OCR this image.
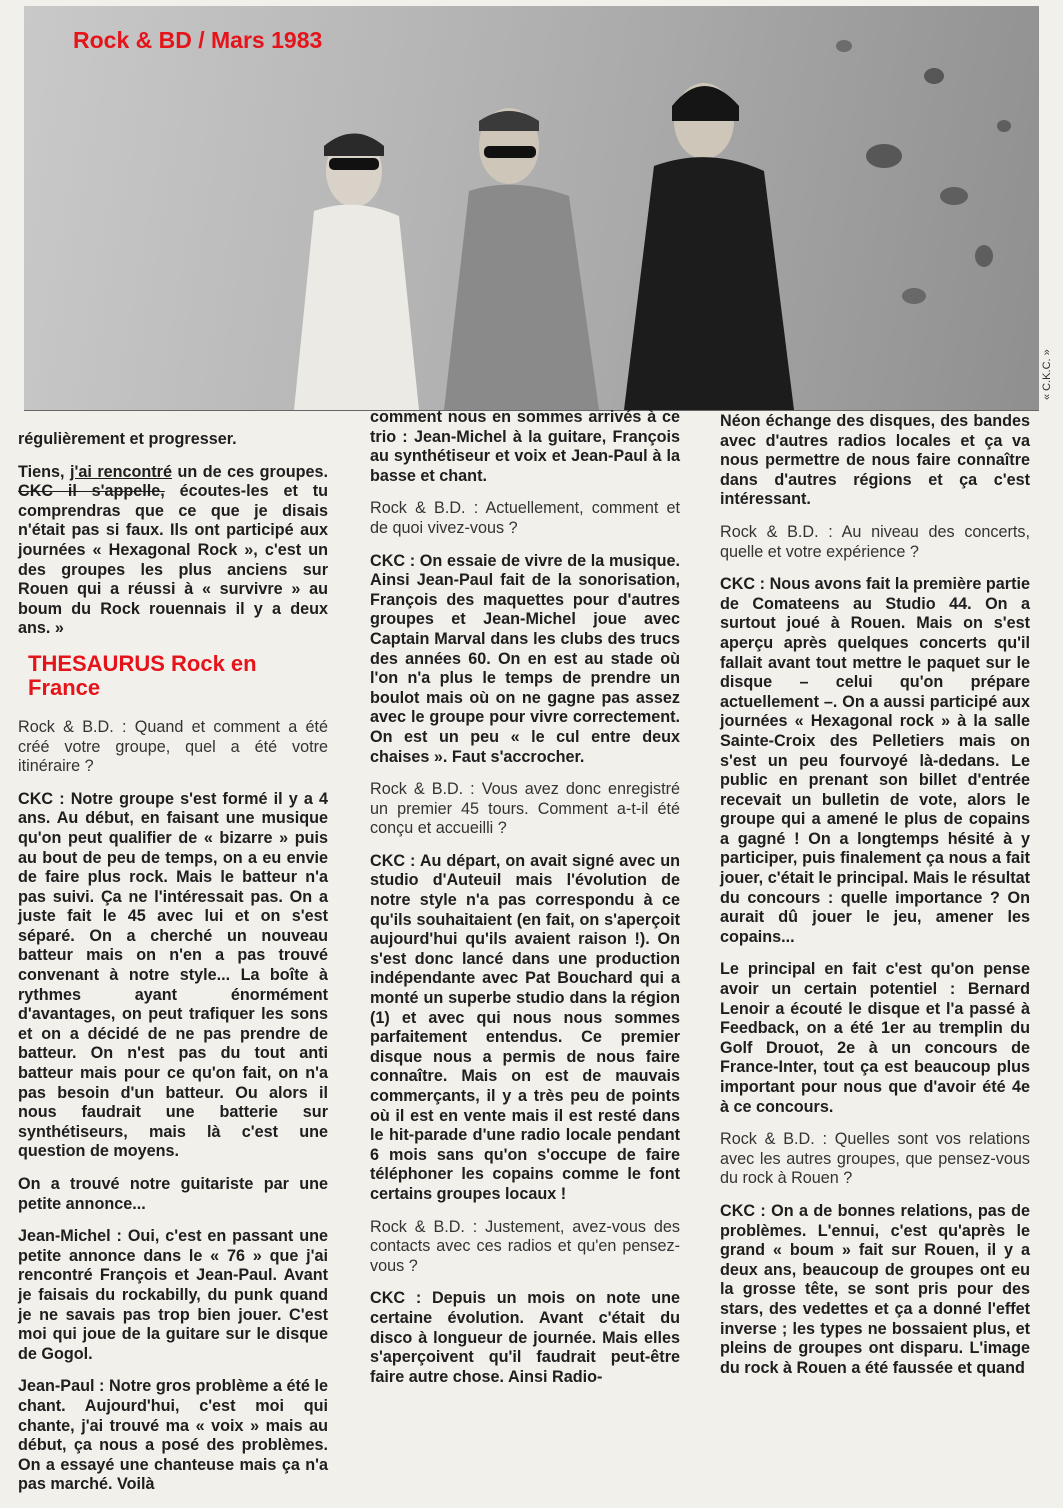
Rock & BD / Mars 1983
« C.K.C. »

régulièrement et progresser.

Tiens, j'ai rencontré un de ces groupes. CKC il s'appelle, écoutes-les et tu comprendras que ce que je disais n'était pas si faux. Ils ont participé aux journées « Hexagonal Rock », c'est un des groupes les plus anciens sur Rouen qui a réussi à « survivre » au boum du Rock rouennais il y a deux ans. »

THESAURUS Rock en France

Rock & B.D. : Quand et comment a été créé votre groupe, quel a été votre itinéraire ?

CKC : Notre groupe s'est formé il y a 4 ans. Au début, en faisant une musique qu'on peut qualifier de « bizarre » puis au bout de peu de temps, on a eu envie de faire plus rock. Mais le batteur n'a pas suivi. Ça ne l'intéressait pas. On a juste fait le 45 avec lui et on s'est séparé. On a cherché un nouveau batteur mais on n'en a pas trouvé convenant à notre style... La boîte à rythmes ayant énormément d'avantages, on peut trafiquer les sons et on a décidé de ne pas prendre de batteur. On n'est pas du tout anti batteur mais pour ce qu'on fait, on n'a pas besoin d'un batteur. Ou alors il nous faudrait une batterie sur synthétiseurs, mais là c'est une question de moyens.

On a trouvé notre guitariste par une petite annonce...

Jean-Michel : Oui, c'est en passant une petite annonce dans le « 76 » que j'ai rencontré François et Jean-Paul. Avant je faisais du rockabilly, du punk quand je ne savais pas trop bien jouer. C'est moi qui joue de la guitare sur le disque de Gogol.

Jean-Paul : Notre gros problème a été le chant. Aujourd'hui, c'est moi qui chante, j'ai trouvé ma « voix » mais au début, ça nous a posé des problèmes. On a essayé une chanteuse mais ça n'a pas marché. Voilà

comment nous en sommes arrivés à ce trio : Jean-Michel à la guitare, François au synthétiseur et voix et Jean-Paul à la basse et chant.

Rock & B.D. : Actuellement, comment et de quoi vivez-vous ?

CKC : On essaie de vivre de la musique. Ainsi Jean-Paul fait de la sonorisation, François des maquettes pour d'autres groupes et Jean-Michel joue avec Captain Marval dans les clubs des trucs des années 60. On en est au stade où l'on n'a plus le temps de prendre un boulot mais où on ne gagne pas assez avec le groupe pour vivre correctement. On est un peu « le cul entre deux chaises ». Faut s'accrocher.

Rock & B.D. : Vous avez donc enregistré un premier 45 tours. Comment a-t-il été conçu et accueilli ?

CKC : Au départ, on avait signé avec un studio d'Auteuil mais l'évolution de notre style n'a pas correspondu à ce qu'ils souhaitaient (en fait, on s'aperçoit aujourd'hui qu'ils avaient raison !). On s'est donc lancé dans une production indépendante avec Pat Bouchard qui a monté un superbe studio dans la région (1) et avec qui nous nous sommes parfaitement entendus. Ce premier disque nous a permis de nous faire connaître. Mais on est de mauvais commerçants, il y a très peu de points où il est en vente mais il est resté dans le hit-parade d'une radio locale pendant 6 mois sans qu'on s'occupe de faire téléphoner les copains comme le font certains groupes locaux !

Rock & B.D. : Justement, avez-vous des contacts avec ces radios et qu'en pensez-vous ?

CKC : Depuis un mois on note une certaine évolution. Avant c'était du disco à longueur de journée. Mais elles s'aperçoivent qu'il faudrait peut-être faire autre chose. Ainsi Radio-

Néon échange des disques, des bandes avec d'autres radios locales et ça va nous permettre de nous faire connaître dans d'autres régions et ça c'est intéressant.

Rock & B.D. : Au niveau des concerts, quelle et votre expérience ?

CKC : Nous avons fait la première partie de Comateens au Studio 44. On a surtout joué à Rouen. Mais on s'est aperçu après quelques concerts qu'il fallait avant tout mettre le paquet sur le disque – celui qu'on prépare actuellement –. On a aussi participé aux journées « Hexagonal rock » à la salle Sainte-Croix des Pelletiers mais on s'est un peu fourvoyé là-dedans. Le public en prenant son billet d'entrée recevait un bulletin de vote, alors le groupe qui a amené le plus de copains a gagné ! On a longtemps hésité à y participer, puis finalement ça nous a fait jouer, c'était le principal. Mais le résultat du concours : quelle importance ? On aurait dû jouer le jeu, amener les copains...

Le principal en fait c'est qu'on pense avoir un certain potentiel : Bernard Lenoir a écouté le disque et l'a passé à Feedback, on a été 1er au tremplin du Golf Drouot, 2e à un concours de France-Inter, tout ça est beaucoup plus important pour nous que d'avoir été 4e à ce concours.

Rock & B.D. : Quelles sont vos relations avec les autres groupes, que pensez-vous du rock à Rouen ?

CKC : On a de bonnes relations, pas de problèmes. L'ennui, c'est qu'après le grand « boum » fait sur Rouen, il y a deux ans, beaucoup de groupes ont eu la grosse tête, se sont pris pour des stars, des vedettes et ça a donné l'effet inverse ; les types ne bossaient plus, et pleins de groupes ont disparu. L'image du rock à Rouen a été faussée et quand
